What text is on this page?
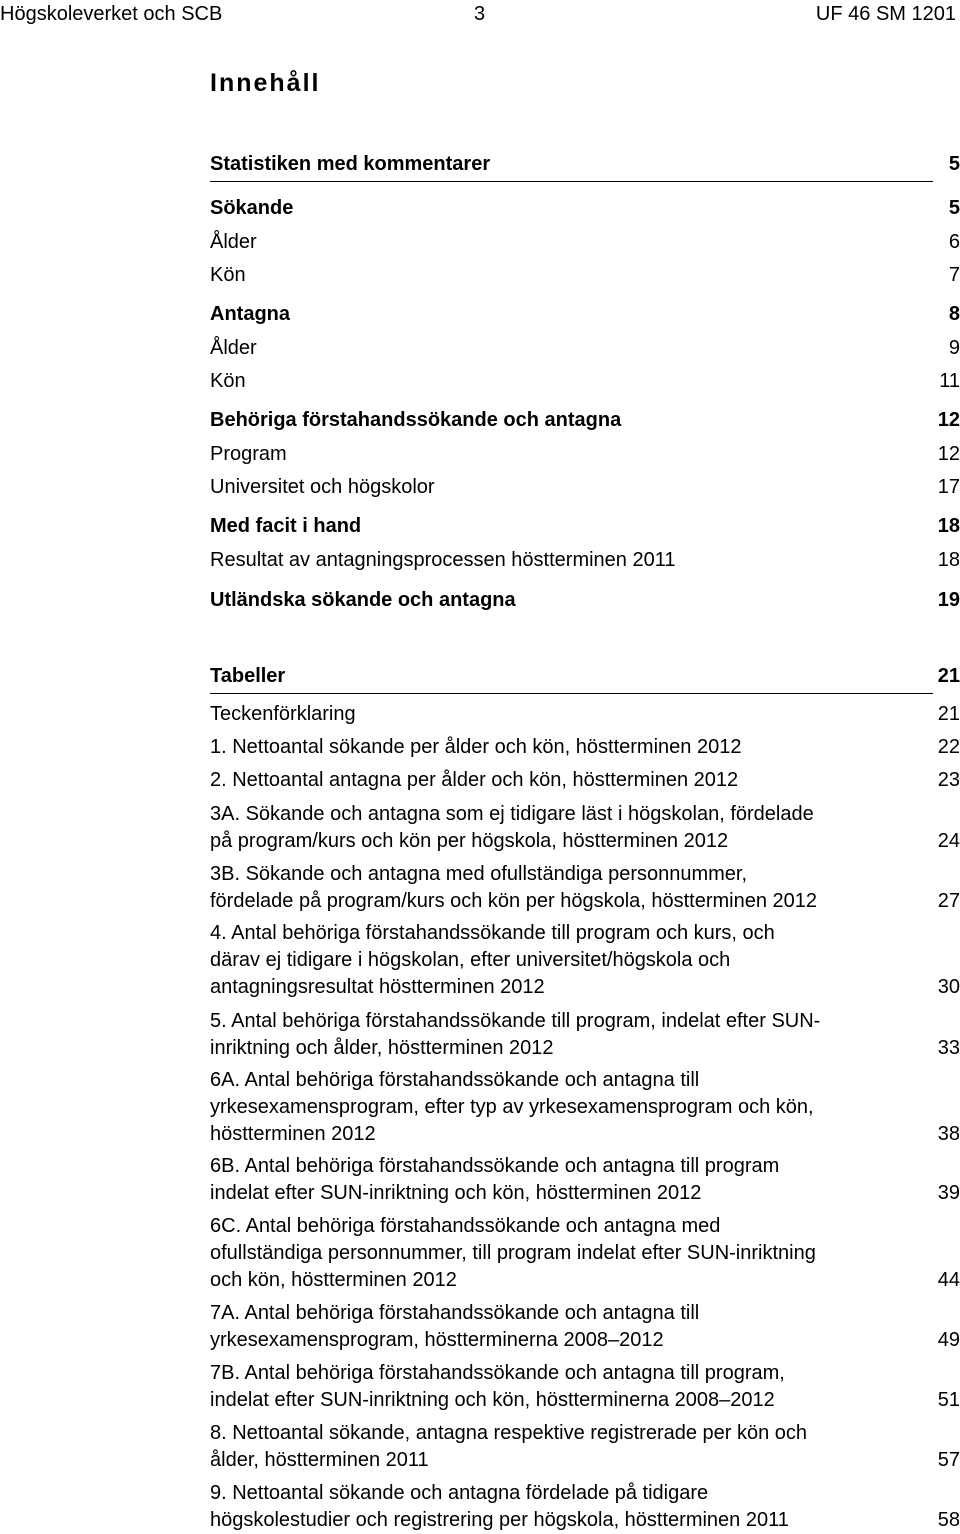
Högskoleverket och SCB	3	UF 46 SM 1201
Innehåll
Statistiken med kommentarer	5
Sökande	5
Ålder	6
Kön	7
Antagna	8
Ålder	9
Kön	11
Behöriga förstahandssökande och antagna	12
Program	12
Universitet och högskolor	17
Med facit i hand	18
Resultat av antagningsprocessen höstterminen 2011	18
Utländska sökande och antagna	19
Tabeller	21
Teckenförklaring	21
1. Nettoantal sökande per ålder och kön, höstterminen 2012	22
2. Nettoantal antagna per ålder och kön, höstterminen 2012	23
3A. Sökande och antagna som ej tidigare läst i högskolan, fördelade
på program/kurs och kön per högskola, höstterminen 2012	24
3B. Sökande och antagna med ofullständiga personnummer,
fördelade på program/kurs och kön per högskola, höstterminen 2012	27
4. Antal behöriga förstahandssökande till program och kurs, och
därav ej tidigare i högskolan, efter universitet/högskola och
antagningsresultat höstterminen 2012	30
5. Antal behöriga förstahandssökande till program, indelat efter SUN-
inriktning och ålder, höstterminen 2012	33
6A. Antal behöriga förstahandssökande och antagna till
yrkesexamensprogram, efter typ av yrkesexamensprogram och kön,
höstterminen 2012	38
6B. Antal behöriga förstahandssökande och antagna till program
indelat efter SUN-inriktning och kön, höstterminen 2012	39
6C. Antal behöriga förstahandssökande och antagna med
ofullständiga personnummer, till program indelat efter SUN-inriktning
och kön, höstterminen 2012	44
7A. Antal behöriga förstahandssökande och antagna till
yrkesexamensprogram, höstterminerna 2008–2012	49
7B. Antal behöriga förstahandssökande och antagna till program,
indelat efter SUN-inriktning och kön, höstterminerna 2008–2012	51
8. Nettoantal sökande, antagna respektive registrerade per kön och
ålder, höstterminen 2011	57
9. Nettoantal sökande och antagna fördelade på tidigare
högskolestudier och registrering per högskola, höstterminen 2011	58
